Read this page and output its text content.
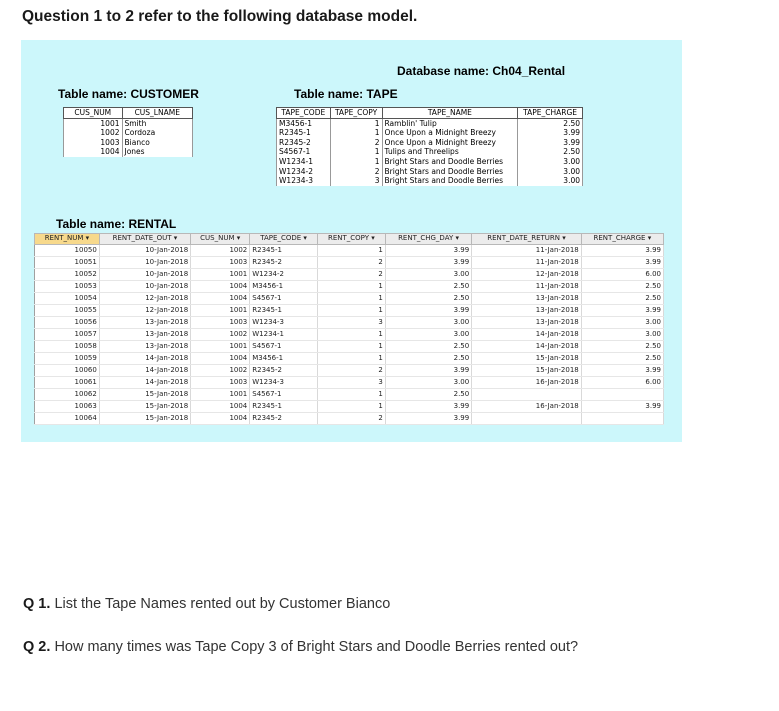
Question 1 to 2 refer to the following database model.
Database name: Ch04_Rental
Table name: CUSTOMER	Table name: TAPE
Table name: RENTAL
CUS_NUM	CUS_LNAME
1001	Smith
1002	Cordoza
1003	Bianco
1004	Jones
TAPE_CODE	TAPE_COPY	TAPE_NAME	TAPE_CHARGE
M3456-1	1	Ramblin' Tulip	2.50
R2345-1	1	Once Upon a Midnight Breezy	3.99
R2345-2	2	Once Upon a Midnight Breezy	3.99
S4567-1	1	Tulips and Threelips	2.50
W1234-1	1	Bright Stars and Doodle Berries	3.00
W1234-2	2	Bright Stars and Doodle Berries	3.00
W1234-3	3	Bright Stars and Doodle Berries	3.00
RENT_NUM ▾	RENT_DATE_OUT ▾	CUS_NUM ▾	TAPE_CODE ▾	RENT_COPY ▾	RENT_CHG_DAY ▾	RENT_DATE_RETURN ▾	RENT_CHARGE ▾
10050	10-Jan-2018	1002	R2345-1	1	3.99	11-Jan-2018	3.99
10051	10-Jan-2018	1003	R2345-2	2	3.99	11-Jan-2018	3.99
10052	10-Jan-2018	1001	W1234-2	2	3.00	12-Jan-2018	6.00
10053	10-Jan-2018	1004	M3456-1	1	2.50	11-Jan-2018	2.50
10054	12-Jan-2018	1004	S4567-1	1	2.50	13-Jan-2018	2.50
10055	12-Jan-2018	1001	R2345-1	1	3.99	13-Jan-2018	3.99
10056	13-Jan-2018	1003	W1234-3	3	3.00	13-Jan-2018	3.00
10057	13-Jan-2018	1002	W1234-1	1	3.00	14-Jan-2018	3.00
10058	13-Jan-2018	1001	S4567-1	1	2.50	14-Jan-2018	2.50
10059	14-Jan-2018	1004	M3456-1	1	2.50	15-Jan-2018	2.50
10060	14-Jan-2018	1002	R2345-2	2	3.99	15-Jan-2018	3.99
10061	14-Jan-2018	1003	W1234-3	3	3.00	16-Jan-2018	6.00
10062	15-Jan-2018	1001	S4567-1	1	2.50		
10063	15-Jan-2018	1004	R2345-1	1	3.99	16-Jan-2018	3.99
10064	15-Jan-2018	1004	R2345-2	2	3.99		
Q 1. List the Tape Names rented out by Customer Bianco
Q 2. How many times was Tape Copy 3 of Bright Stars and Doodle Berries rented out?
